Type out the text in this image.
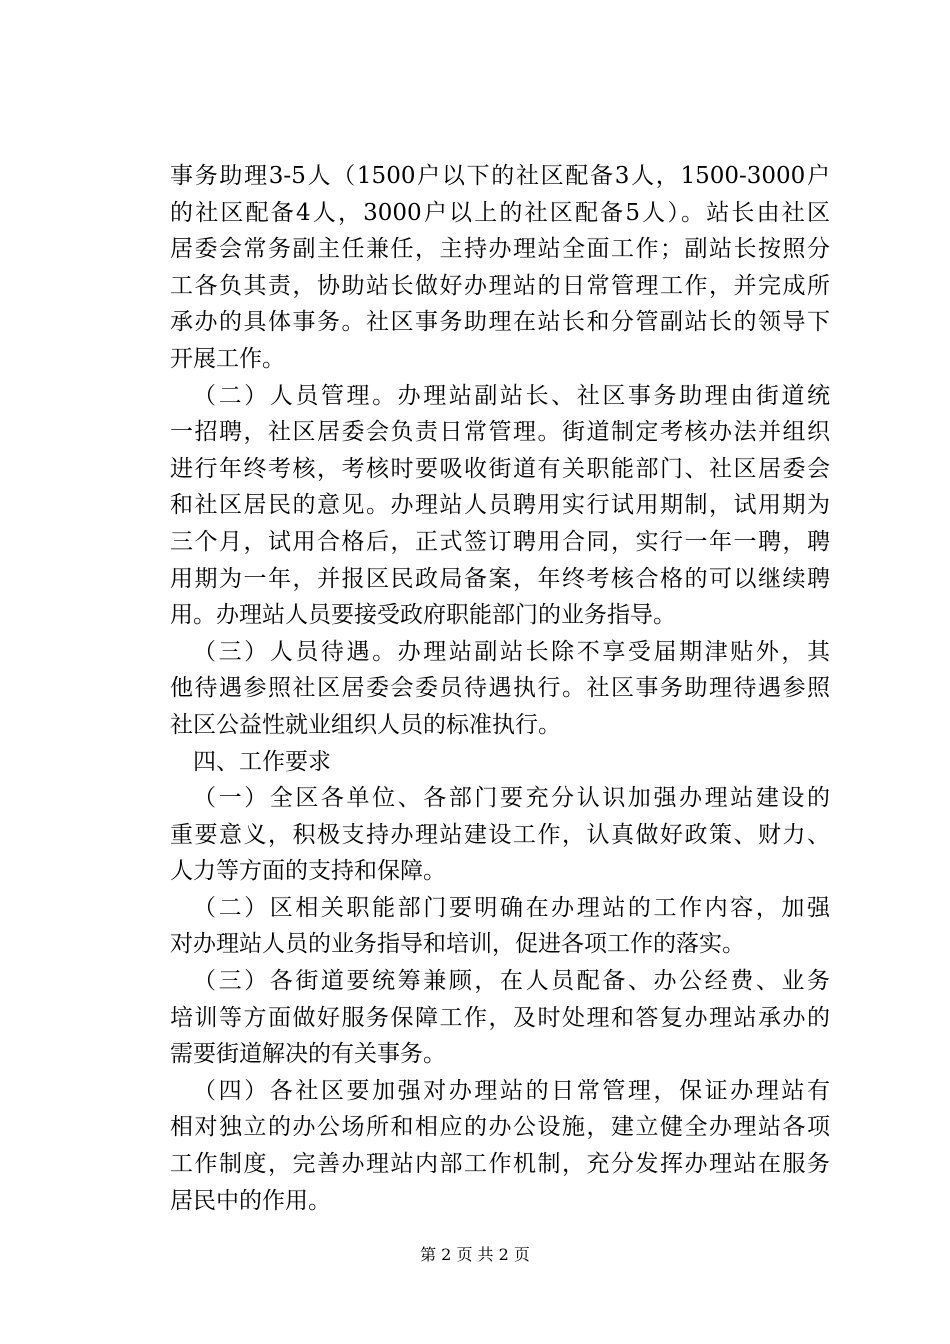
事务助理3-5人（1500户以下的社区配备3人，1500-3000户
的社区配备4人，3000户以上的社区配备5人）。站长由社区
居委会常务副主任兼任，主持办理站全面工作；副站长按照分
工各负其责，协助站长做好办理站的日常管理工作，并完成所
承办的具体事务。社区事务助理在站长和分管副站长的领导下
开展工作。
（二）人员管理。办理站副站长、社区事务助理由街道统
一招聘，社区居委会负责日常管理。街道制定考核办法并组织
进行年终考核，考核时要吸收街道有关职能部门、社区居委会
和社区居民的意见。办理站人员聘用实行试用期制，试用期为
三个月，试用合格后，正式签订聘用合同，实行一年一聘，聘
用期为一年，并报区民政局备案，年终考核合格的可以继续聘
用。办理站人员要接受政府职能部门的业务指导。
（三）人员待遇。办理站副站长除不享受届期津贴外，其
他待遇参照社区居委会委员待遇执行。社区事务助理待遇参照
社区公益性就业组织人员的标准执行。
四、工作要求
（一）全区各单位、各部门要充分认识加强办理站建设的
重要意义，积极支持办理站建设工作，认真做好政策、财力、
人力等方面的支持和保障。
（二）区相关职能部门要明确在办理站的工作内容，加强
对办理站人员的业务指导和培训，促进各项工作的落实。
（三）各街道要统筹兼顾，在人员配备、办公经费、业务
培训等方面做好服务保障工作，及时处理和答复办理站承办的
需要街道解决的有关事务。
（四）各社区要加强对办理站的日常管理，保证办理站有
相对独立的办公场所和相应的办公设施，建立健全办理站各项
工作制度，完善办理站内部工作机制，充分发挥办理站在服务
居民中的作用。
第 2 页 共 2 页
